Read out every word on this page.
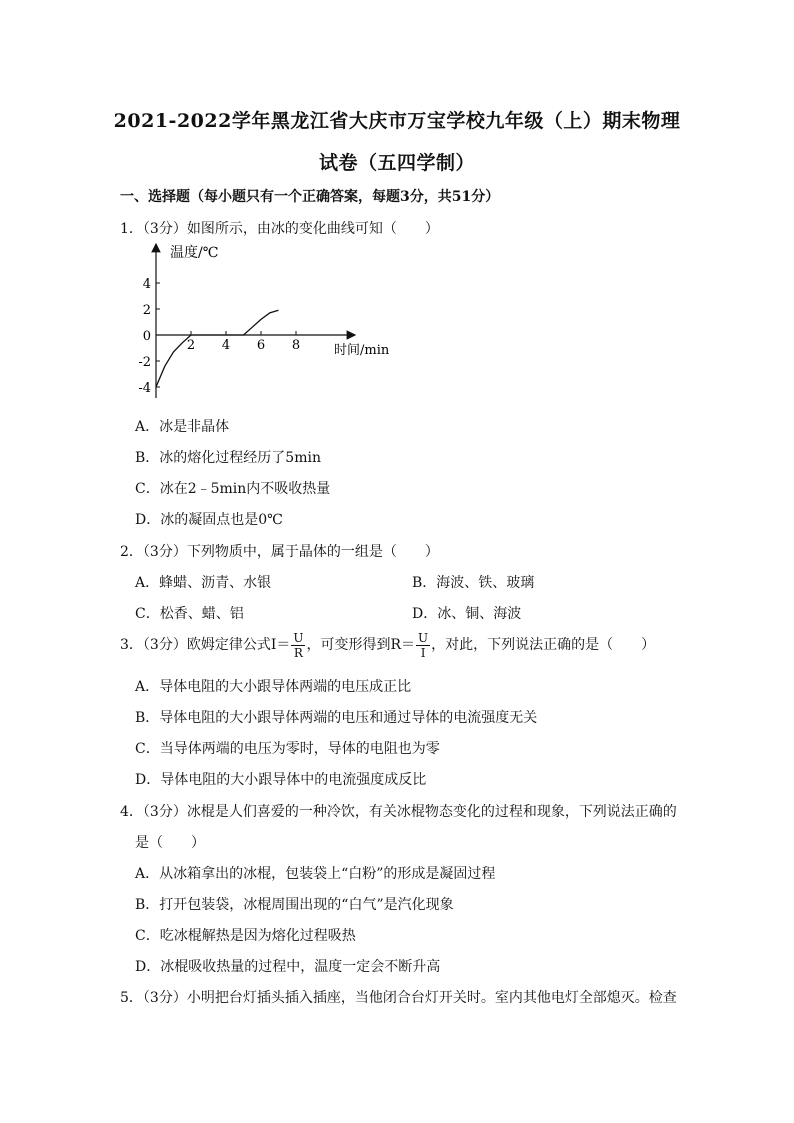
2021-2022学年黑龙江省大庆市万宝学校九年级（上）期末物理
试卷（五四学制）
一、选择题（每小题只有一个正确答案，每题3分，共51分）
1．（3分）如图所示，由冰的变化曲线可知（　　）
温度/℃
时间/min
4
2
0
-2
-4
2 4 6 8
A．冰是非晶体
B．冰的熔化过程经历了5min
C．冰在2﹣5min内不吸收热量
D．冰的凝固点也是0℃
2．（3分）下列物质中，属于晶体的一组是（　　）
A．蜂蜡、沥青、水银	B．海波、铁、玻璃
C．松香、蜡、铝	D．冰、铜、海波
3．（3分）欧姆定律公式$I= \frac{U}{R}$ ，可变形得到$R= \frac{U}{I}$ ，对此，下列说法正确的是（　　）
A．导体电阻的大小跟导体两端的电压成正比
B．导体电阻的大小跟导体两端的电压和通过导体的电流强度无关
C．当导体两端的电压为零时，导体的电阻也为零
D．导体电阻的大小跟导体中的电流强度成反比
4．（3分）冰棍是人们喜爱的一种冷饮，有关冰棍物态变化的过程和现象，下列说法正确的
是（　　）
A．从冰箱拿出的冰棍，包装袋上“白粉”的形成是凝固过程
B．打开包装袋，冰棍周围出现的“白气”是汽化现象
C．吃冰棍解热是因为熔化过程吸热
D．冰棍吸收热量的过程中，温度一定会不断升高
5．（3分）小明把台灯插头插入插座，当他闭合台灯开关时。室内其他电灯全部熄灭。检查
